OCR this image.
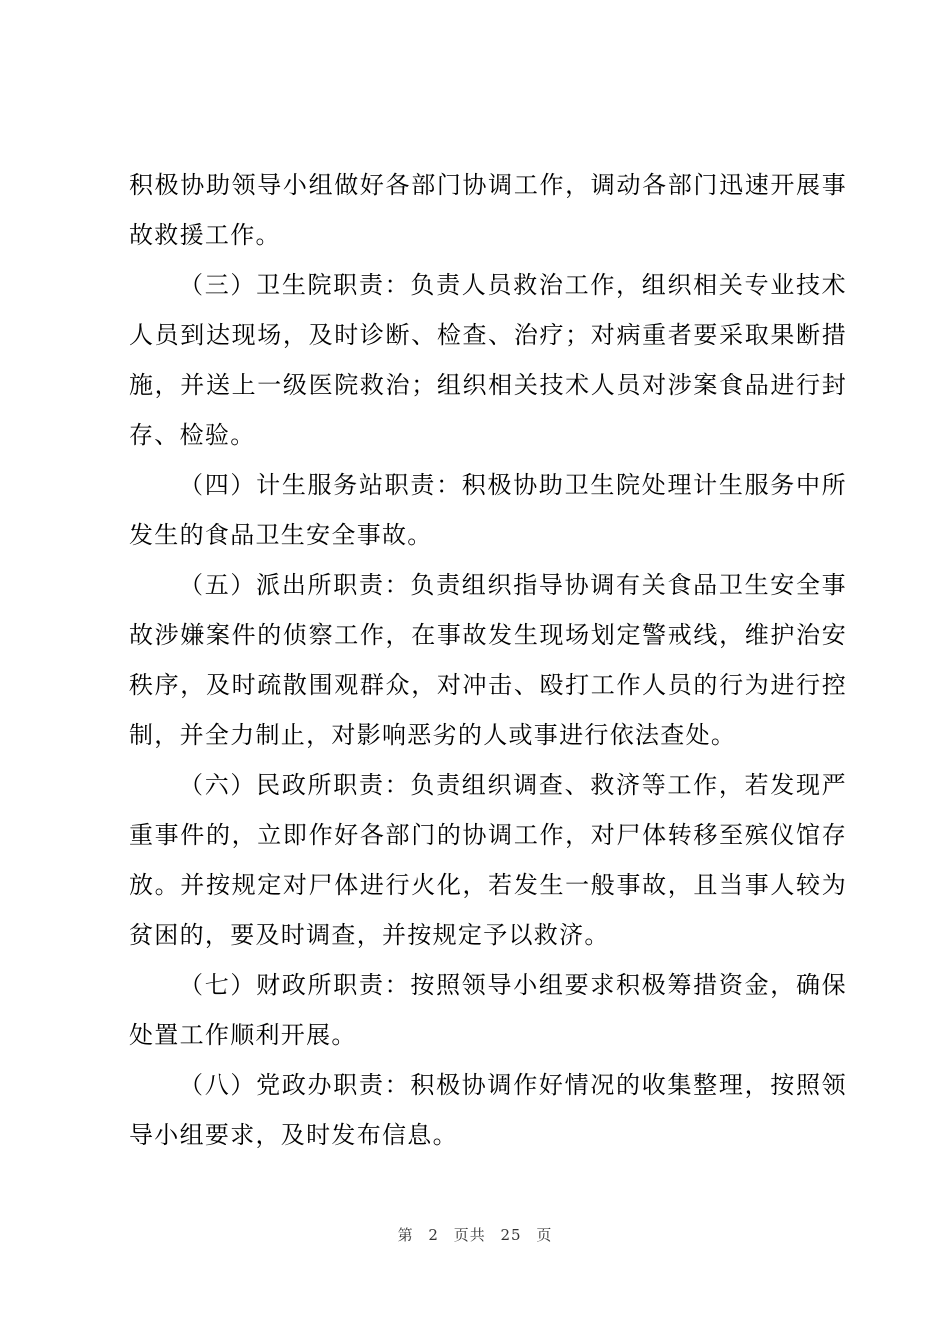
积极协助领导小组做好各部门协调工作，调动各部门迅速开展事故救援工作。

（三）卫生院职责：负责人员救治工作，组织相关专业技术人员到达现场，及时诊断、检查、治疗；对病重者要采取果断措施，并送上一级医院救治；组织相关技术人员对涉案食品进行封存、检验。

（四）计生服务站职责：积极协助卫生院处理计生服务中所发生的食品卫生安全事故。

（五）派出所职责：负责组织指导协调有关食品卫生安全事故涉嫌案件的侦察工作，在事故发生现场划定警戒线，维护治安秩序，及时疏散围观群众，对冲击、殴打工作人员的行为进行控制，并全力制止，对影响恶劣的人或事进行依法查处。

（六）民政所职责：负责组织调查、救济等工作，若发现严重事件的，立即作好各部门的协调工作，对尸体转移至殡仪馆存放。并按规定对尸体进行火化，若发生一般事故，且当事人较为贫困的，要及时调查，并按规定予以救济。

（七）财政所职责：按照领导小组要求积极筹措资金，确保处置工作顺利开展。

（八）党政办职责：积极协调作好情况的收集整理，按照领导小组要求，及时发布信息。

第 2 页共 25 页
